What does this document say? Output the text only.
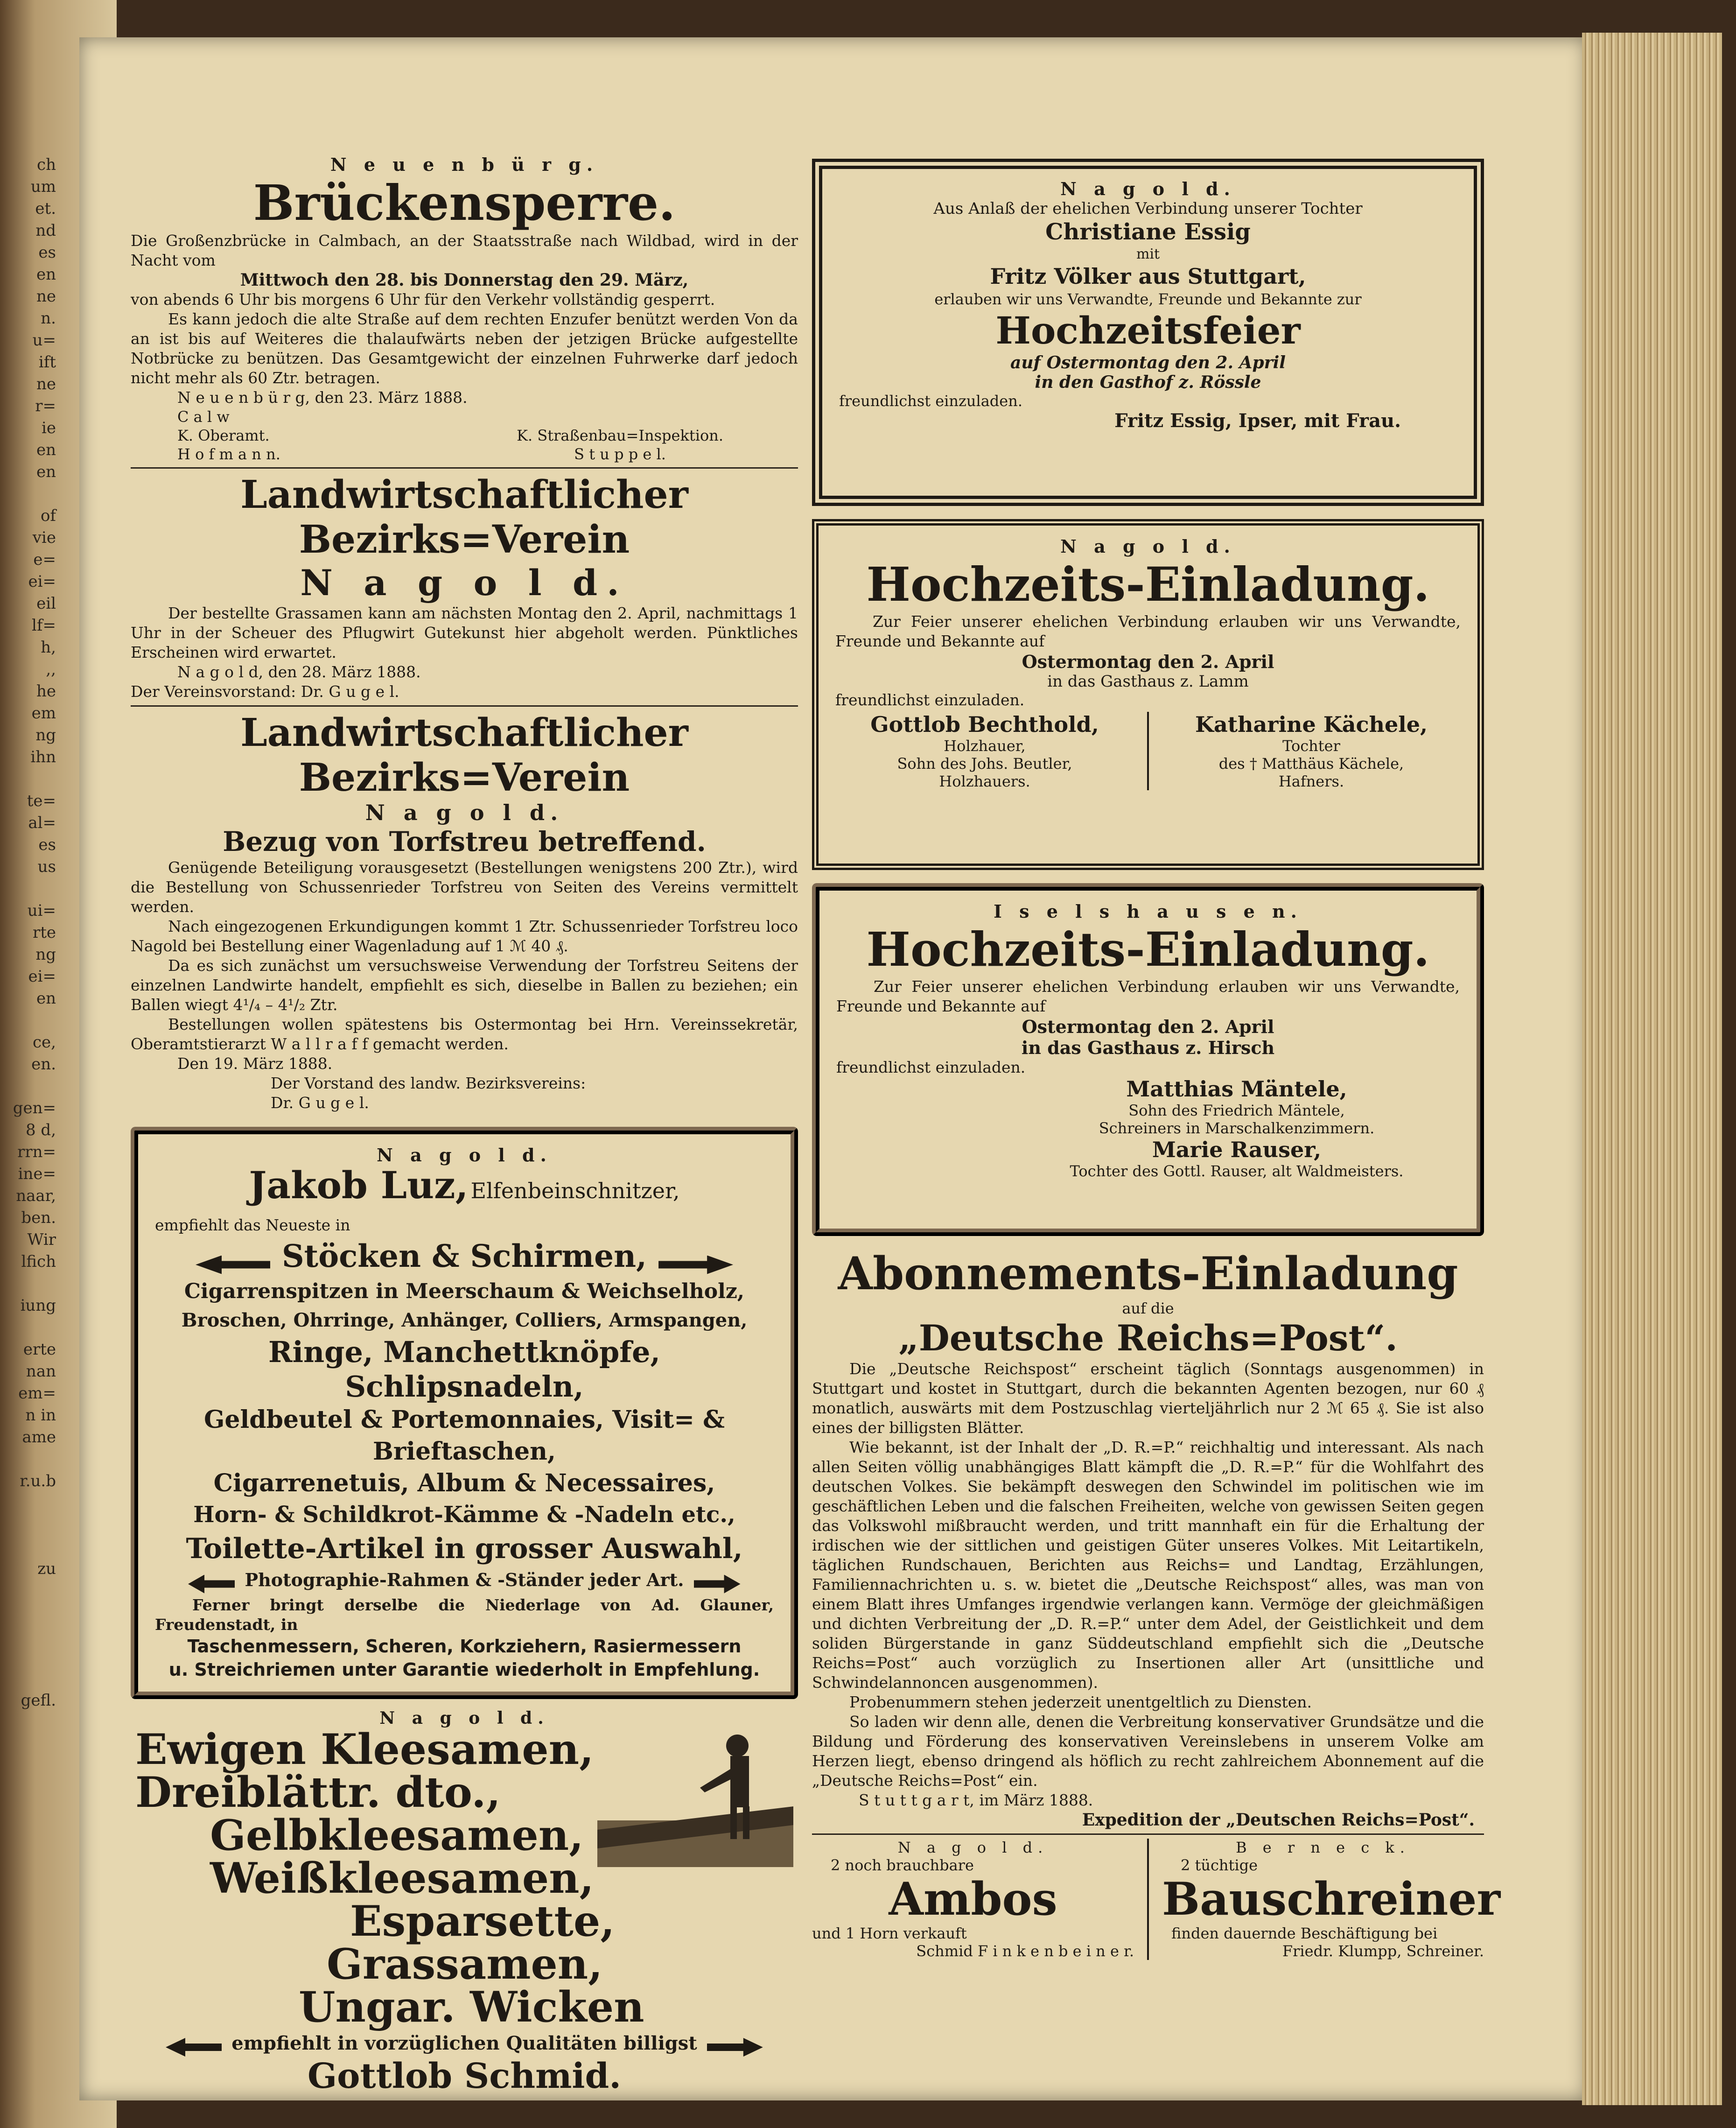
ch
um
et.
nd
es
en
ne
n.
u=
ift
ne
r=
ie
en
en

of
vie
e=
ei=
eil
lf=
h,
,,
he
em
ng
ihn

te=
al=
es
us

ui=
rte
ng
ei=
en

ce,
en.

gen=
8 d,
rrn=
ine=
naar,
ben.
Wir
lfich

iung

erte
nan
em=
n in
ame

r.u.b

zu

gefl.
N e u e n b ü r g.
Brückensperre.
Die Großenzbrücke in Calmbach, an der Staatsstraße nach Wildbad, wird in der Nacht vom
Mittwoch den 28. bis Donnerstag den 29. März,
von abends 6 Uhr bis morgens 6 Uhr für den Verkehr vollständig gesperrt.
Es kann jedoch die alte Straße auf dem rechten Enzufer benützt werden Von da an ist bis auf Weiteres die thalaufwärts neben der jetzigen Brücke aufgestellte Notbrücke zu benützen. Das Gesamtgewicht der einzelnen Fuhrwerke darf jedoch nicht mehr als 60 Ztr. betragen.
N e u e n b ü r g, den 23. März 1888.
C a l w
K. Oberamt.
H o f m a n n.
K. Straßenbau=Inspektion.
S t u p p e l.
Landwirtschaftlicher Bezirks=Verein
N a g o l d.
Der bestellte Grassamen kann am nächsten Montag den 2. April, nachmittags 1 Uhr in der Scheuer des Pflugwirt Gutekunst hier abgeholt werden. Pünktliches Erscheinen wird erwartet.
N a g o l d, den 28. März 1888.
Der Vereinsvorstand: Dr. G u g e l.
Landwirtschaftlicher Bezirks=Verein
N a g o l d.
Bezug von Torfstreu betreffend.
Genügende Beteiligung vorausgesetzt (Bestellungen wenigstens 200 Ztr.), wird die Bestellung von Schussenrieder Torfstreu von Seiten des Vereins vermittelt werden.
Nach eingezogenen Erkundigungen kommt 1 Ztr. Schussenrieder Torfstreu loco Nagold bei Bestellung einer Wagenladung auf 1 ℳ 40 ₰.
Da es sich zunächst um versuchsweise Verwendung der Torfstreu Seitens der einzelnen Landwirte handelt, empfiehlt es sich, dieselbe in Ballen zu beziehen; ein Ballen wiegt 4¹/₄ – 4¹/₂ Ztr.
Bestellungen wollen spätestens bis Ostermontag bei Hrn. Vereinssekretär, Oberamtstierarzt W a l l r a f f gemacht werden.
Den 19. März 1888.
Der Vorstand des landw. Bezirksvereins:
Dr. G u g e l.
N a g o l d.
Jakob Luz, Elfenbeinschnitzer,
empfiehlt das Neueste in
Stöcken & Schirmen,
Cigarrenspitzen in Meerschaum & Weichselholz,
Broschen, Ohrringe, Anhänger, Colliers, Armspangen,
Ringe, Manchettknöpfe, Schlipsnadeln,
Geldbeutel & Portemonnaies, Visit= & Brieftaschen,
Cigarrenetuis, Album & Necessaires,
Horn- & Schildkrot-Kämme & -Nadeln etc.,
Toilette-Artikel in grosser Auswahl,
Photographie-Rahmen & -Ständer jeder Art.
Ferner bringt derselbe die Niederlage von Ad. Glauner, Freudenstadt, in
Taschenmessern, Scheren, Korkziehern, Rasiermessern
u. Streichriemen unter Garantie wiederholt in Empfehlung.
N a g o l d.
Ewigen Kleesamen,
Dreiblättr. dto.,
Gelbkleesamen,
Weißkleesamen,
Esparsette,
Grassamen,
Ungar. Wicken
empfiehlt in vorzüglichen Qualitäten billigst
Gottlob Schmid.
N a g o l d.
Aus Anlaß der ehelichen Verbindung unserer Tochter
Christiane Essig
mit
Fritz Völker aus Stuttgart,
erlauben wir uns Verwandte, Freunde und Bekannte zur
Hochzeitsfeier
auf Ostermontag den 2. April
in den Gasthof z. Rössle
freundlichst einzuladen.
Fritz Essig, Ipser, mit Frau.
N a g o l d.
Hochzeits-Einladung.
Zur Feier unserer ehelichen Verbindung erlauben wir uns Verwandte, Freunde und Bekannte auf
Ostermontag den 2. April
in das Gasthaus z. Lamm
freundlichst einzuladen.
Gottlob Bechthold,
Holzhauer,
Sohn des Johs. Beutler,
Holzhauers.
Katharine Kächele,
Tochter
des † Matthäus Kächele,
Hafners.
I s e l s h a u s e n.
Hochzeits-Einladung.
Zur Feier unserer ehelichen Verbindung erlauben wir uns Verwandte, Freunde und Bekannte auf
Ostermontag den 2. April
in das Gasthaus z. Hirsch
freundlichst einzuladen.
Matthias Mäntele,
Sohn des Friedrich Mäntele,
Schreiners in Marschalkenzimmern.
Marie Rauser,
Tochter des Gottl. Rauser, alt Waldmeisters.
Abonnements-Einladung
auf die
„Deutsche Reichs=Post“.
Die „Deutsche Reichspost“ erscheint täglich (Sonntags ausgenommen) in Stuttgart und kostet in Stuttgart, durch die bekannten Agenten bezogen, nur 60 ₰ monatlich, auswärts mit dem Postzuschlag vierteljährlich nur 2 ℳ 65 ₰. Sie ist also eines der billigsten Blätter.
Wie bekannt, ist der Inhalt der „D. R.=P.“ reichhaltig und interessant. Als nach allen Seiten völlig unabhängiges Blatt kämpft die „D. R.=P.“ für die Wohlfahrt des deutschen Volkes. Sie bekämpft deswegen den Schwindel im politischen wie im geschäftlichen Leben und die falschen Freiheiten, welche von gewissen Seiten gegen das Volkswohl mißbraucht werden, und tritt mannhaft ein für die Erhaltung der irdischen wie der sittlichen und geistigen Güter unseres Volkes. Mit Leitartikeln, täglichen Rundschauen, Berichten aus Reichs= und Landtag, Erzählungen, Familiennachrichten u. s. w. bietet die „Deutsche Reichspost“ alles, was man von einem Blatt ihres Umfanges irgendwie verlangen kann. Vermöge der gleichmäßigen und dichten Verbreitung der „D. R.=P.“ unter dem Adel, der Geistlichkeit und dem soliden Bürgerstande in ganz Süddeutschland empfiehlt sich die „Deutsche Reichs=Post“ auch vorzüglich zu Insertionen aller Art (unsittliche und Schwindelannoncen ausgenommen).
Probenummern stehen jederzeit unentgeltlich zu Diensten.
So laden wir denn alle, denen die Verbreitung konservativer Grundsätze und die Bildung und Förderung des konservativen Vereinslebens in unserem Volke am Herzen liegt, ebenso dringend als höflich zu recht zahlreichem Abonnement auf die „Deutsche Reichs=Post“ ein.
S t u t t g a r t, im März 1888.
Expedition der „Deutschen Reichs=Post“.
N a g o l d.
2 noch brauchbare
Ambos
und 1 Horn verkauft
Schmid F i n k e n b e i n e r.
B e r n e c k.
2 tüchtige
Bauschreiner
finden dauernde Beschäftigung bei
Friedr. Klumpp, Schreiner.
